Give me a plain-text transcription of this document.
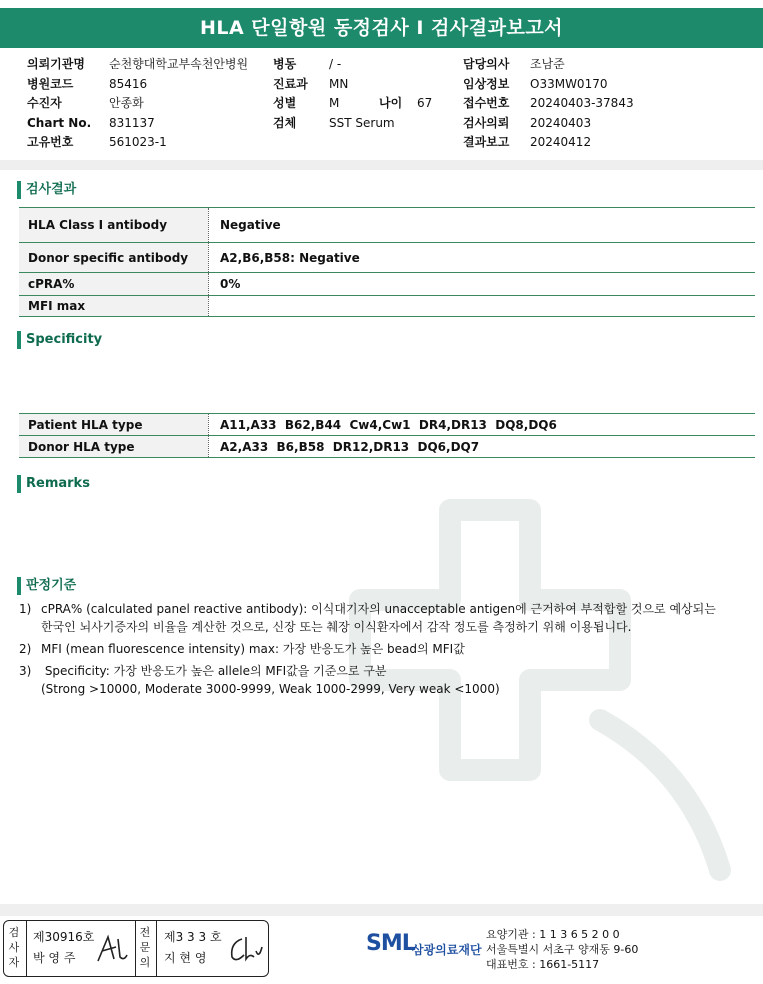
HLA 단일항원 동정검사 I 검사결과보고서
의뢰기관명 순천향대학교부속천안병원
병원코드	85416
수진자	안종화
Chart No. 831137
고유번호	561023-1
병동	/ -
진료과 MN
성별	M	나이 67
검체	SST Serum
담당의사 조남준
임상정보 O33MW0170
접수번호 20240403-37843
검사의뢰 20240403
결과보고 20240412
검사결과
HLA Class I antibody	Negative
Donor specific antibody	A2,B6,B58: Negative
cPRA%	0%
MFI max
Specificity
Patient HLA type	A11,A33  B62,B44  Cw4,Cw1  DR4,DR13  DQ8,DQ6
Donor HLA type	A2,A33  B6,B58  DR12,DR13  DQ6,DQ7
Remarks
판정기준
1) cPRA% (calculated panel reactive antibody): 이식대기자의 unacceptable antigen에 근거하여 부적합할 것으로 예상되는
한국인 뇌사기증자의 비율을 계산한 것으로, 신장 또는 췌장 이식환자에서 감작 정도를 측정하기 위해 이용됩니다.
2) MFI (mean fluorescence intensity) max: 가장 반응도가 높은 bead의 MFI값
3) Specificity: 가장 반응도가 높은 allele의 MFI값을 기준으로 구분
(Strong >10000, Moderate 3000-9999, Weak 1000-2999, Very weak <1000)
검
사
자
제30916호
박 영 주
전
문
의
제3 3 3 호
지 현 영
SML
삼광의료재단
요양기관 : 1 1 3 6 5 2 0 0
서울특별시 서초구 양재동 9-60
대표번호 : 1661-5117
